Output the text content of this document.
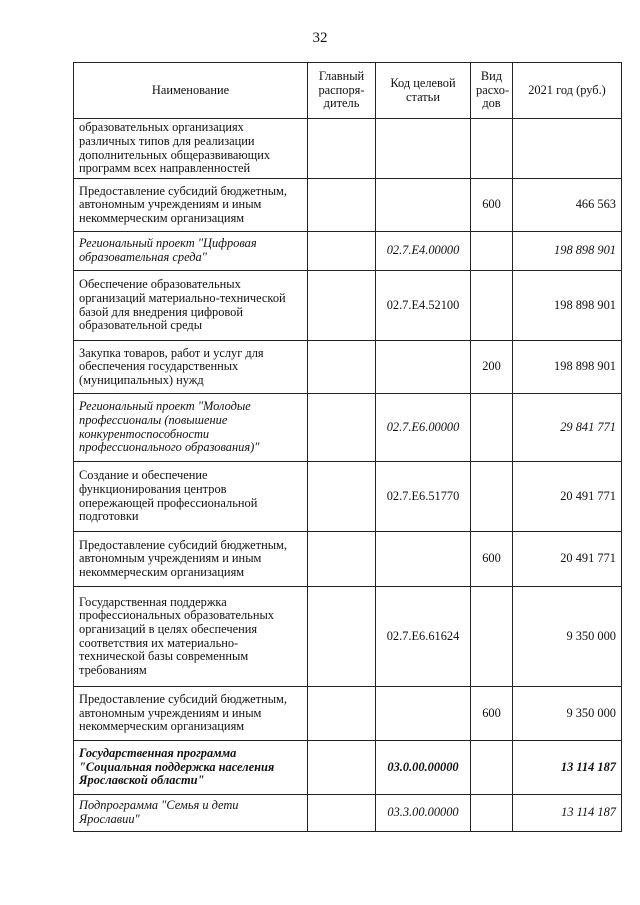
32
Наименование	Главный распоря-дитель	Код целевой статьи	Вид расхо-дов	2021 год (руб.)
образовательных организациях различных типов для реализации дополнительных общеразвивающих программ всех направленностей				
Предоставление субсидий бюджетным, автономным учреждениям и иным некоммерческим организациям			600	466 563
Региональный проект "Цифровая образовательная среда"		02.7.E4.00000		198 898 901
Обеспечение образовательных организаций материально-технической базой для внедрения цифровой образовательной среды		02.7.E4.52100		198 898 901
Закупка товаров, работ и услуг для обеспечения государственных (муниципальных) нужд			200	198 898 901
Региональный проект "Молодые профессионалы (повышение конкурентоспособности профессионального образования)"		02.7.E6.00000		29 841 771
Создание и обеспечение функционирования центров опережающей профессиональной подготовки		02.7.E6.51770		20 491 771
Предоставление субсидий бюджетным, автономным учреждениям и иным некоммерческим организациям			600	20 491 771
Государственная поддержка профессиональных образовательных организаций в целях обеспечения соответствия их материально-технической базы современным требованиям		02.7.E6.61624		9 350 000
Предоставление субсидий бюджетным, автономным учреждениям и иным некоммерческим организациям			600	9 350 000
Государственная программа "Социальная поддержка населения Ярославской области"		03.0.00.00000		13 114 187
Подпрограмма "Семья и дети Ярославии"		03.3.00.00000		13 114 187
